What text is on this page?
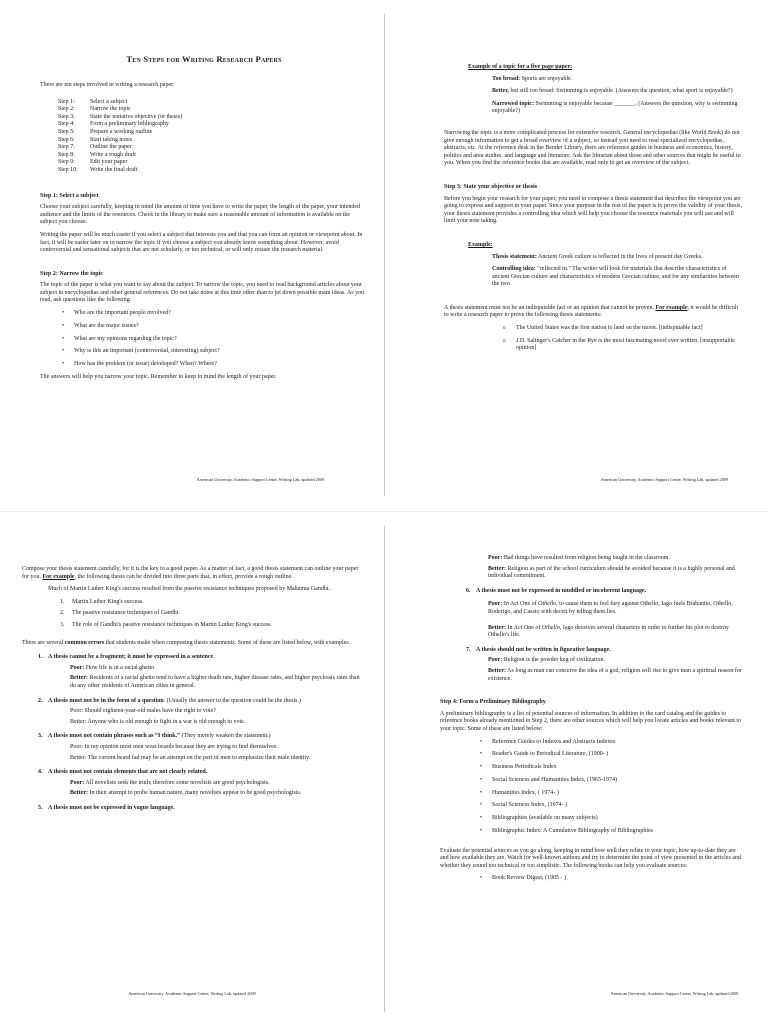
Ten Steps for Writing Research Papers

There are ten steps involved in writing a research paper:

Step 1:	Select a subject
Step 2:	Narrow the topic
Step 3:	State the tentative objective (or thesis)
Step 4:	Form a preliminary bibliography
Step 5:	Prepare a working outline
Step 6:	Start taking notes
Step 7:	Outline the paper
Step 8:	Write a rough draft
Step 9:	Edit your paper
Step 10: Write the final draft
Step 1: Select a subject

Choose your subject carefully, keeping in mind the amount of time you have to write the paper, the length of the paper, your intended audience and the limits of the resources. Check in the library to make sure a reasonable amount of information is available on the subject you choose.

Writing the paper will be much easier if you select a subject that interests you and that you can form an opinion or viewpoint about. In fact, it will be easier later on to narrow the topic if you choose a subject you already know something about. However, avoid controversial and sensational subjects that are not scholarly, or too technical, or will only restate the research material.

Step 2: Narrow the topic

The topic of the paper is what you want to say about the subject. To narrow the topic, you need to read background articles about your subject in encyclopedias and other general references. Do not take notes at this time other than to jot down possible main ideas. As you read, ask questions like the following:

• Who are the important people involved?
• What are the major issues?
• What are my opinions regarding the topic?
• Why is this an important (controversial, interesting) subject?
• How has the problem (or issue) developed? When? Where?

The answers will help you narrow your topic. Remember to keep in mind the length of your paper.

American University, Academic Support Center, Writing Lab, updated 2009
Example of a topic for a five page paper:
Too broad: Sports are enjoyable.
Better, but still too broad: Swimming is enjoyable. (Answers the question, what sport is enjoyable?)
Narrowed topic: Swimming is enjoyable because _______. (Answers the question, why is swimming enjoyable?)

Narrowing the topic is a more complicated process for extensive research. General encyclopedias (like World Book) do not give enough information to get a broad overview of a subject, so instead you need to read specialized encyclopedias, abstracts, etc. At the reference desk in the Bender Library, there are reference guides in business and economics, history, politics and area studies, and language and literature. Ask the librarian about those and other sources that might be useful to you. When you find the reference books that are available, read only to get an overview of the subject.

Step 3: State your objective or thesis

Before you begin your research for your paper, you need to compose a thesis statement that describes the viewpoint you are going to express and support in your paper. Since your purpose in the rest of the paper is to prove the validity of your thesis, your thesis statement provides a controlling idea which will help you choose the resource materials you will use and will limit your note taking.

Example:
Thesis statement: Ancient Greek culture is reflected in the lives of present day Greeks.
Controlling idea: "reflected in." The writer will look for materials that describe characteristics of ancient Grecian culture and characteristics of modern Grecian culture, and for any similarities between the two.

A thesis statement must not be an indisputable fact or an opinion that cannot be proven. For example, it would be difficult to write a research paper to prove the following thesis statements:

o The United States was the first nation to land on the moon. [indisputable fact]
o J.D. Salinger's Catcher in the Rye is the most fascinating novel ever written. [insupportable opinion]
American University, Academic Support Center, Writing Lab, updated 2009

Compose your thesis statement carefully, for it is the key to a good paper. As a matter of fact, a good thesis statement can outline your paper for you. For example, the following thesis can be divided into three parts that, in effect, provide a rough outline.

Much of Martin Luther King's success resulted from the passive resistance techniques proposed by Mahatma Gandhi.

1. Martin Luther King's success.
2. The passive resistance techniques of Gandhi.
3. The role of Gandhi's passive resistance techniques in Martin Luther King's success.

There are several common errors that students make when composing thesis statements. Some of these are listed below, with examples.

1. A thesis cannot be a fragment; it must be expressed in a sentence.
Poor: How life is in a racial ghetto.
Better: Residents of a racial ghetto tend to have a higher death rate, higher disease rates, and higher psychosis rates than do any other residents of American cities in general.
2. A thesis must not be in the form of a question. (Usually the answer to the question could be the thesis.)
Poor: Should eighteen-year-old males have the right to vote?
Better: Anyone who is old enough to fight in a war is old enough to vote.
3. A thesis must not contain phrases such as “I think.” (They merely weaken the statement.)
Poor: In my opinion most men wear beards because they are trying to find themselves.
Better: The current beard fad may be an attempt on the part of men to emphasize their male identity.
4. A thesis must not contain elements that are not clearly related.
Poor: All novelists seek the truth; therefore some novelists are good psychologists.
Better: In their attempt to probe human nature, many novelists appear to be good psychologists.
5. A thesis must not be expressed in vague language.
American University, Academic Support Center, Writing Lab, updated 2009
Poor: Bad things have resulted from religion being taught in the classroom.
Better: Religion as part of the school curriculum should be avoided because it is a highly personal and individual commitment.
6. A thesis must not be expressed in muddled or incoherent language.
Poor: In Act One of Othello, to cause them to feel fury against Othello, Iago fuels Brabantio, Othello, Roderigo, and Cassio with deceit by telling them lies.
Better: In Act One of Othello, Iago deceives several characters in order to further his plot to destroy Othello's life.
7. A thesis should not be written in figurative language.
Poor: Religion is the powder keg of civilization.
Better: As long as man can conceive the idea of a god, religion will rise to give man a spiritual reason for existence.
Step 4: Form a Preliminary Bibliography

A preliminary bibliography is a list of potential sources of information. In addition to the card catalog and the guides to reference books already mentioned in Step 2, there are other sources which will help you locate articles and books relevant to your topic. Some of these are listed below:

• Reference Guides to Indexes and Abstracts Indexes
• Reader's Guide to Periodical Literature, (1900- )
• Business Periodicals Index
• Social Sciences and Humanities Index, (1965-1974)
• Humanities Index, ( 1974- )
• Social Sciences Index, (1974- )
• Bibliographies (available on many subjects)
• Bibliographic Index: A Cumulative Bibliography of Bibliographies

Evaluate the potential sources as you go along, keeping in mind how well they relate to your topic, how up-to-date they are and how available they are. Watch for well-known authors and try to determine the point of view presented in the articles and whether they sound too technical or too simplistic. The following books can help you evaluate sources:

• Book Review Digest, (1905 - )
American University, Academic Support Center, Writing Lab, updated 2009
